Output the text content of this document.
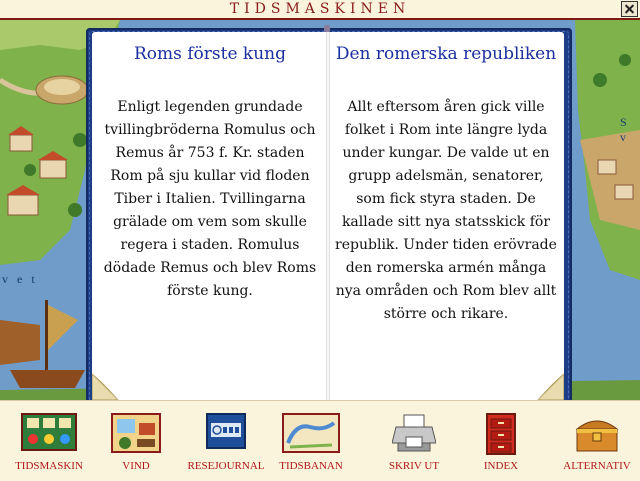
TIDSMASKINEN
v e t
S v
Roms förste kung

Enligt legenden grundade tvillingbröderna Romulus och Remus år 753 f. Kr. staden Rom på sju kullar vid floden Tiber i Italien. Tvillingarna grälade om vem som skulle regera i staden. Romulus dödade Remus och blev Roms förste kung.

Den romerska republiken

Allt eftersom åren gick ville folket i Rom inte längre lyda under kungar. De valde ut en grupp adelsmän, senatorer, som fick styra staden. De kallade sitt nya statsskick för republik. Under tiden erövrade den romerska armén många nya områden och Rom blev allt större och rikare.

TIDSMASKIN	VIND	RESEJOURNAL	TIDSBANAN	SKRIV UT	INDEX	ALTERNATIV
